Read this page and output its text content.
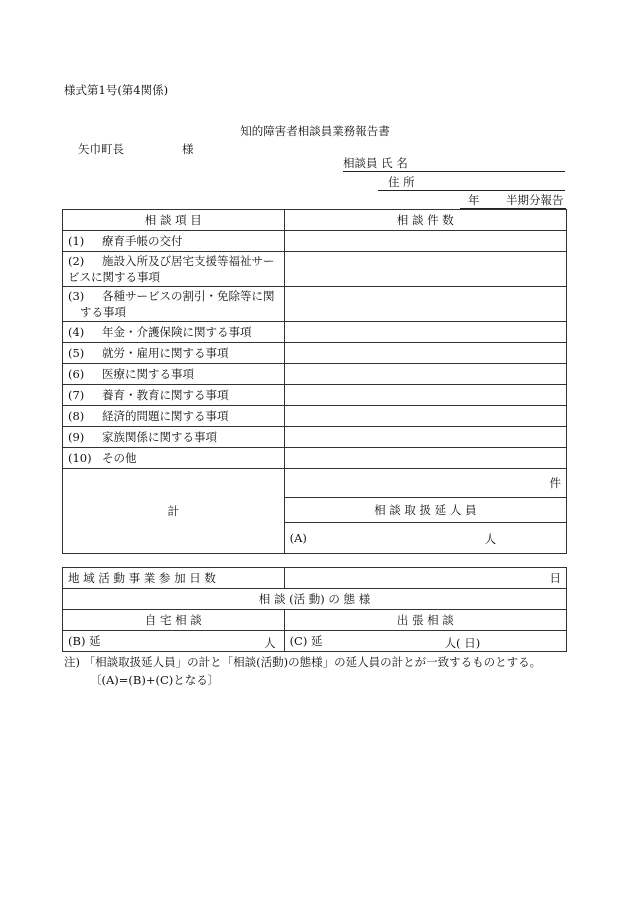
様式第1号(第4関係)
知的障害者相談員業務報告書
矢巾町長	様
相談員 氏 名
住 所
年 半期分報告
相 談 項 目	相 談 件 数
(1) 療育手帳の交付	
(2) 施設入所及び居宅支援等福祉サー
ビスに関する事項	
(3) 各種サービスの割引・免除等に関
する事項	
(4) 年金・介護保険に関する事項	
(5) 就労・雇用に関する事項	
(6) 医療に関する事項	
(7) 養育・教育に関する事項	
(8) 経済的問題に関する事項	
(9) 家族関係に関する事項	
(10) その他	
計	件
	相 談 取 扱 延 人 員
	(A) 人
地 域 活 動 事 業 参 加 日 数	日
相 談 (活 動) の 態 様	
自 宅 相 談	出 張 相 談
(B) 延 人	(C) 延 人( 日)
注) 「相談取扱延人員」の計と「相談(活動)の態様」の延人員の計とが一致するものとする。
〔(A)=(B)+(C)となる〕
